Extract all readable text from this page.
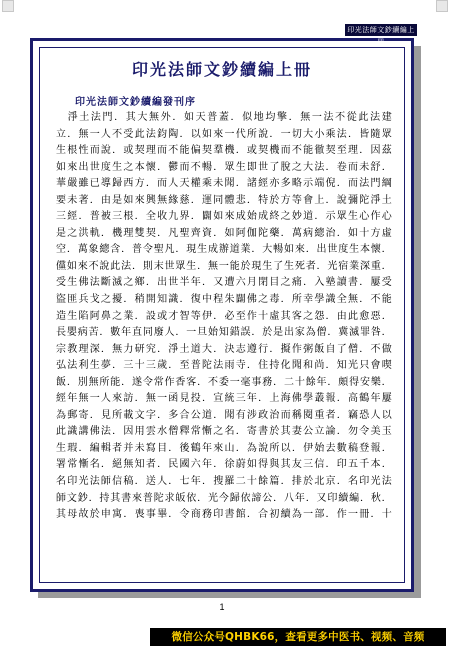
印光法師文鈔續編上冊
印光法師文鈔續編上冊
印光法師文鈔續編發刊序
　淨土法門．其大無外．如天普蓋．似地均擎．無一法不從此法建
立．無一人不受此法鈞陶．以如來一代所說．一切大小乘法．皆隨眾
生根性而說．或契理而不能偏契羣機．或契機而不能徹契至理．因茲
如來出世度生之本懷．鬱而不暢．眾生即世了脫之大法．卷而未舒．
華嚴雖已導歸西方．而人天權乘未聞．諸經亦多略示端倪．而法門綱
要未著．由是如來興無緣慈．運同體悲．特於方等會上．說彌陀淨土
三經．普被三根．全收九界．闢如來成始成終之妙道．示眾生心作心
是之洪軌．機理雙契．凡聖齊資．如阿伽陀藥．萬病總治．如十方虛
空．萬象總含．普令聖凡．現生成辦道業．大暢如來．出世度生本懷．
儻如來不說此法．則末世眾生．無一能於現生了生死者．光宿業深重．
受生佛法斷滅之鄉．出世半年．又遭六月閉目之痛．入塾讀書．屢受
盜匪兵戈之擾．稍開知識．復中程朱闢佛之毒．所幸學識全無．不能
造生陷阿鼻之業．設或才智等伊．必至作十虛其客之怨．由此愈惡．
長嬰病苦．數年直同廢人．一旦始知錯誤．於是出家為僧．冀滅罪咎．
宗教理深．無力研究．淨土道大．決志遵行．擬作粥飯自了僧．不做
弘法利生夢．三十三歲．至普陀法雨寺．住持化聞和尚．知光只會喫
飯．別無所能．遂令常作香客．不委一毫事務．二十餘年．頗得安樂．
經年無一人來訪．無一函見投．宣統三年．上海佛學叢報．高鶴年屢
為郵寄．見所載文字．多合公道．聞有涉政治而稱閱重者．竊恐人以
此識講佛法．因用雲水僧釋常慚之名．寄書於其妻公立論．勿令美玉
生瑕．編輯者并未寫目．後鶴年來山．為說所以．伊始去數稿登報．
署常慚名．絕無知者．民國六年．徐蔚如得與其友三信．印五千本．
名印光法師信稿．送人．七年．搜羅二十餘篇．排於北京．名印光法
師文鈔．持其書來普陀求皈依．光今歸依諦公．八年．又印續編．秋．
其母故於申寓．喪事畢．令商務印書館．合初續為一部．作一冊．十
1
微信公众号QHBK66，查看更多中医书、视频、音频
